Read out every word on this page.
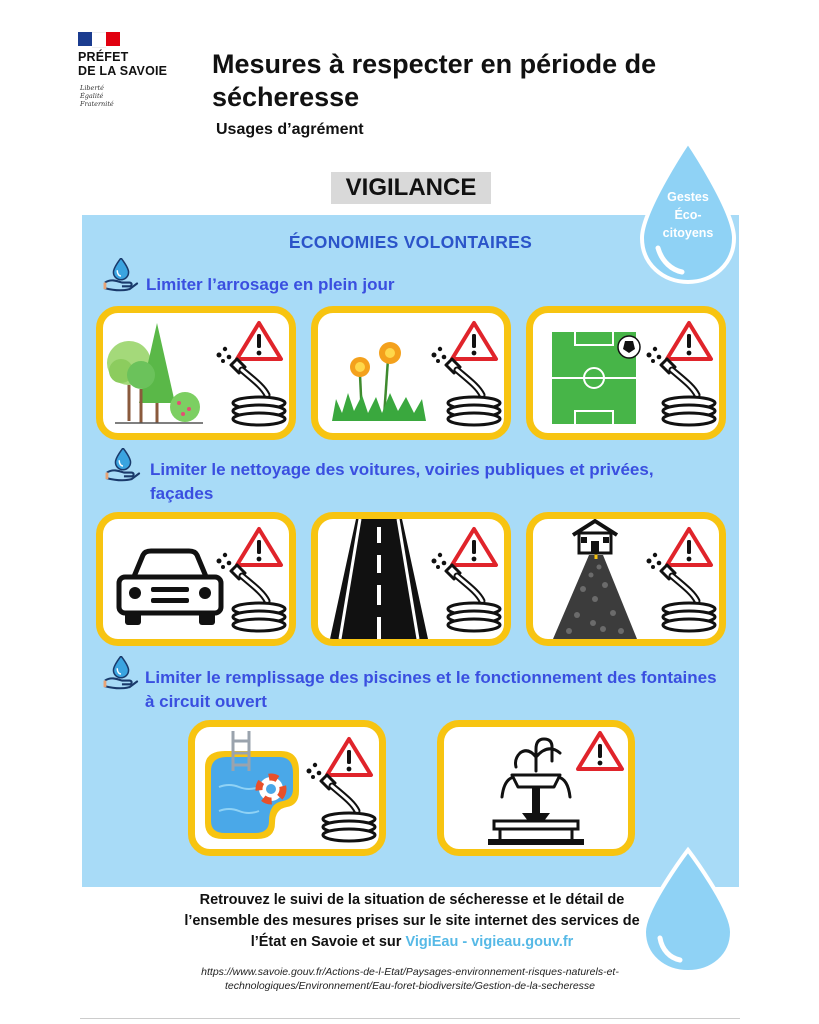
PRÉFET
DE LA SAVOIE
Liberté
Égalité
Fraternité
Mesures à respecter en période de sécheresse
Usages d’agrément
VIGILANCE	Gestes
Éco-
citoyens
ÉCONOMIES VOLONTAIRES
Limiter l’arrosage en plein jour
Limiter le nettoyage des voitures, voiries publiques et privées, façades
Limiter le remplissage des piscines et le fonctionnement des fontaines à circuit ouvert
Retrouvez le suivi de la situation de sécheresse et le détail de
l’ensemble des mesures prises sur le site internet des services de
l’État en Savoie et sur VigiEau - vigieau.gouv.fr
https://www.savoie.gouv.fr/Actions-de-l-Etat/Paysages-environnement-risques-naturels-et-
technologiques/Environnement/Eau-foret-biodiversite/Gestion-de-la-secheresse
